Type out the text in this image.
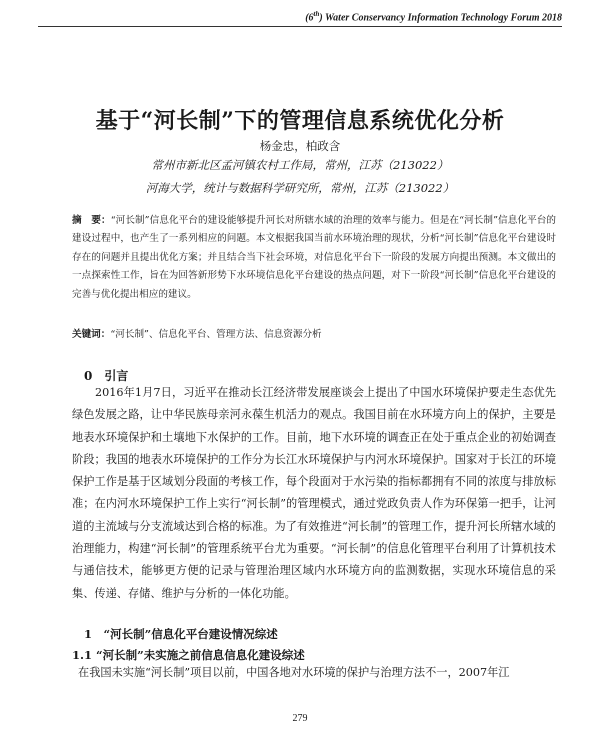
(6th) Water Conservancy Information Technology Forum 2018
基于“河长制”下的管理信息系统优化分析
杨金忠，柏政含
常州市新北区孟河镇农村工作局，常州，江苏（213022）
河海大学，统计与数据科学研究所，常州，江苏（213022）
摘　要：“河长制”信息化平台的建设能够提升河长对所辖水域的治理的效率与能力。但是在“河长制”信息化平台的建设过程中，也产生了一系列相应的问题。本文根据我国当前水环境治理的现状，分析“河长制”信息化平台建设时存在的问题并且提出优化方案；并且结合当下社会环境，对信息化平台下一阶段的发展方向提出预测。本文做出的一点探索性工作，旨在为回答新形势下水环境信息化平台建设的热点问题，对下一阶段“河长制”信息化平台建设的完善与优化提出相应的建议。
关键词：“河长制”、信息化平台、管理方法、信息资源分析
0　引言

2016年1月7日，习近平在推动长江经济带发展座谈会上提出了中国水环境保护要走生态优先绿色发展之路，让中华民族母亲河永葆生机活力的观点。我国目前在水环境方向上的保护，主要是地表水环境保护和土壤地下水保护的工作。目前，地下水环境的调查正在处于重点企业的初始调查阶段；我国的地表水环境保护的工作分为长江水环境保护与内河水环境保护。国家对于长江的环境保护工作是基于区域划分段面的考核工作，每个段面对于水污染的指标都拥有不同的浓度与排放标准；在内河水环境保护工作上实行“河长制”的管理模式，通过党政负责人作为环保第一把手，让河道的主流域与分支流域达到合格的标准。为了有效推进“河长制”的管理工作，提升河长所辖水域的治理能力，构建“河长制”的管理系统平台尤为重要。“河长制”的信息化管理平台利用了计算机技术与通信技术，能够更方便的记录与管理治理区域内水环境方向的监测数据，实现水环境信息的采集、传递、存储、维护与分析的一体化功能。

1　“河长制”信息化平台建设情况综述
1.1 “河长制”未实施之前信息信息化建设综述

在我国未实施“河长制”项目以前，中国各地对水环境的保护与治理方法不一，2007年江

279
